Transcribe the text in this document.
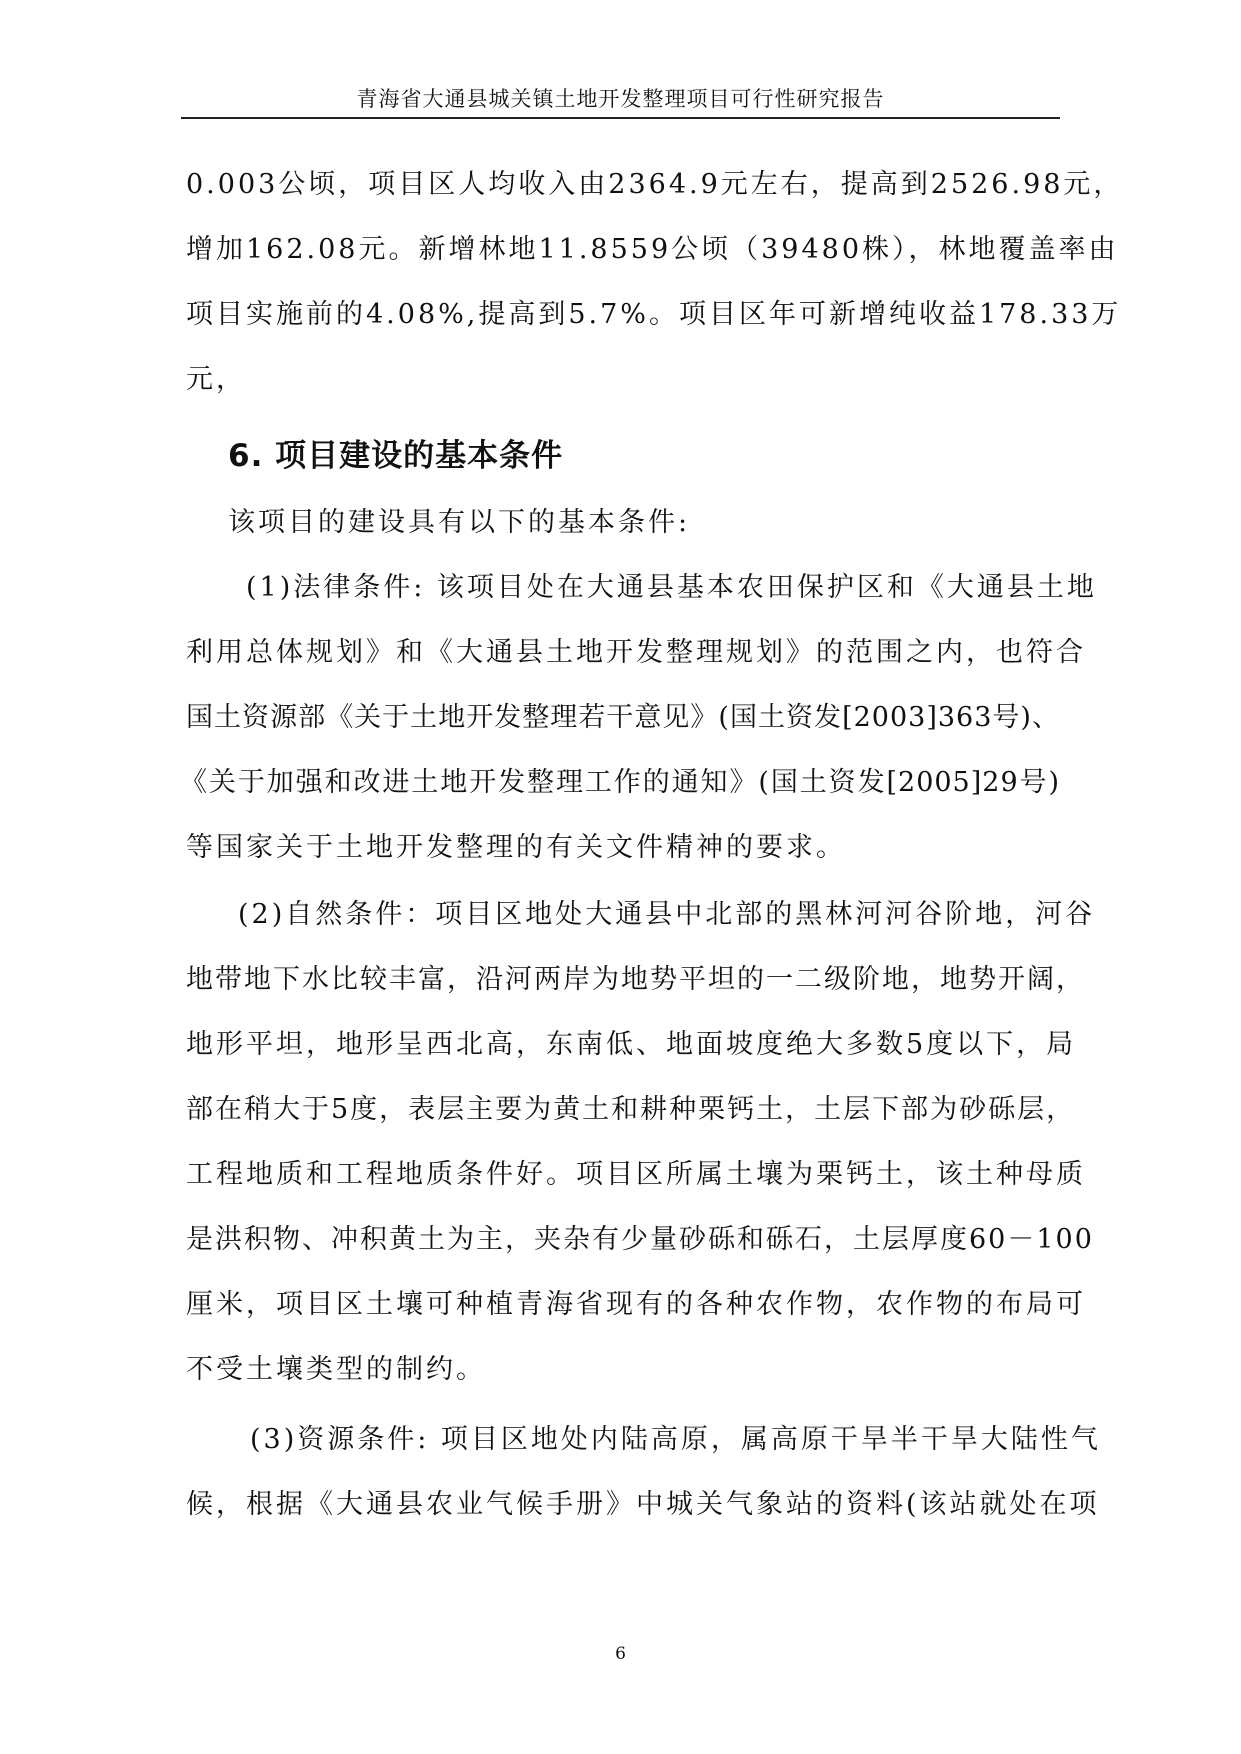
青海省大通县城关镇土地开发整理项目可行性研究报告
0.003公顷，项目区人均收入由2364.9元左右，提高到2526.98元，
增加162.08元。新增林地11.8559公顷（39480株），林地覆盖率由
项目实施前的4.08%,提高到5.7%。项目区年可新增纯收益178.33万
元，
6. 项目建设的基本条件
该项目的建设具有以下的基本条件:
(1)法律条件: 该项目处在大通县基本农田保护区和《大通县土地
利用总体规划》和《大通县土地开发整理规划》的范围之内，也符合
国土资源部《关于土地开发整理若干意见》(国土资发[2003]363号)、
《关于加强和改进土地开发整理工作的通知》(国土资发[2005]29号)
等国家关于土地开发整理的有关文件精神的要求。
(2)自然条件：项目区地处大通县中北部的黑林河河谷阶地，河谷
地带地下水比较丰富，沿河两岸为地势平坦的一二级阶地，地势开阔，
地形平坦，地形呈西北高，东南低、地面坡度绝大多数5度以下，局
部在稍大于5度，表层主要为黄土和耕种栗钙土，土层下部为砂砾层，
工程地质和工程地质条件好。项目区所属土壤为栗钙土，该土种母质
是洪积物、冲积黄土为主，夹杂有少量砂砾和砾石，土层厚度60－100
厘米，项目区土壤可种植青海省现有的各种农作物，农作物的布局可
不受土壤类型的制约。
(3)资源条件: 项目区地处内陆高原，属高原干旱半干旱大陆性气
候，根据《大通县农业气候手册》中城关气象站的资料(该站就处在项
6
